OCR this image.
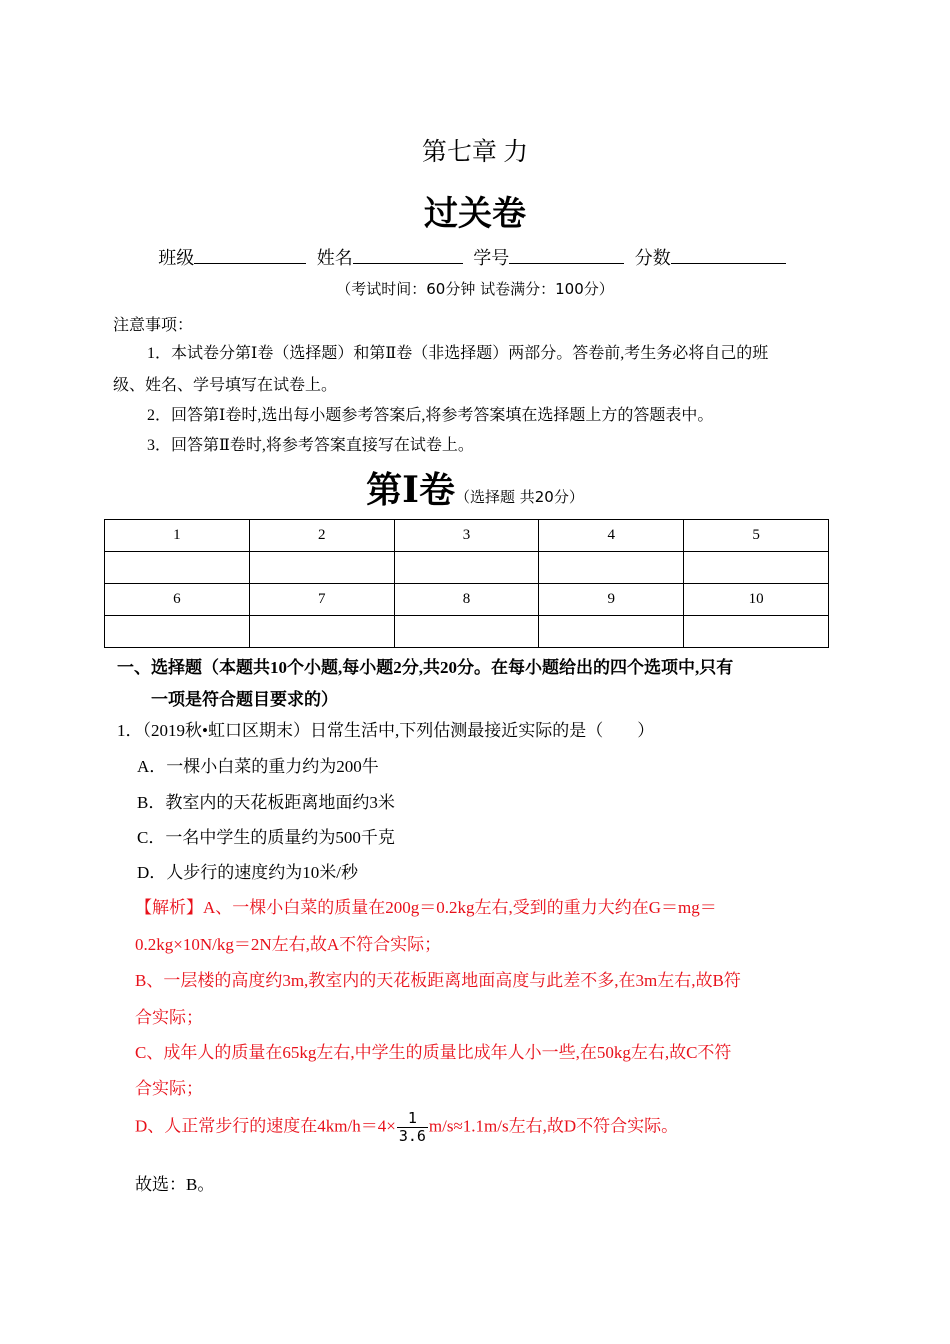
第七章 力
过关卷
班级	姓名	学号	分数
（考试时间：60分钟 试卷满分：100分）
注意事项：
1．本试卷分第Ⅰ卷（选择题）和第Ⅱ卷（非选择题）两部分。答卷前,考生务必将自己的班
级、姓名、学号填写在试卷上。
2．回答第Ⅰ卷时,选出每小题参考答案后,将参考答案填在选择题上方的答题表中。
3．回答第Ⅱ卷时,将参考答案直接写在试卷上。
第Ⅰ卷（选择题 共20分）
1	2	3	4	5

6	7	8	9	10

一、选择题（本题共10个小题,每小题2分,共20分。在每小题给出的四个选项中,只有
一项是符合题目要求的）
1．（2019秋•虹口区期末）日常生活中,下列估测最接近实际的是（　　）
A．一棵小白菜的重力约为200牛
B．教室内的天花板距离地面约3米
C．一名中学生的质量约为500千克
D．人步行的速度约为10米/秒
【解析】A、一棵小白菜的质量在200g＝0.2kg左右,受到的重力大约在G＝mg＝
0.2kg×10N/kg＝2N左右,故A不符合实际；
B、一层楼的高度约3m,教室内的天花板距离地面高度与此差不多,在3m左右,故B符
合实际；
C、成年人的质量在65kg左右,中学生的质量比成年人小一些,在50kg左右,故C不符
合实际；
D、人正常步行的速度在$4km/h=4\times \frac{1}{3.6} m/s\approx 1.1m/s$左右,故D不符合实际。
故选：B。
